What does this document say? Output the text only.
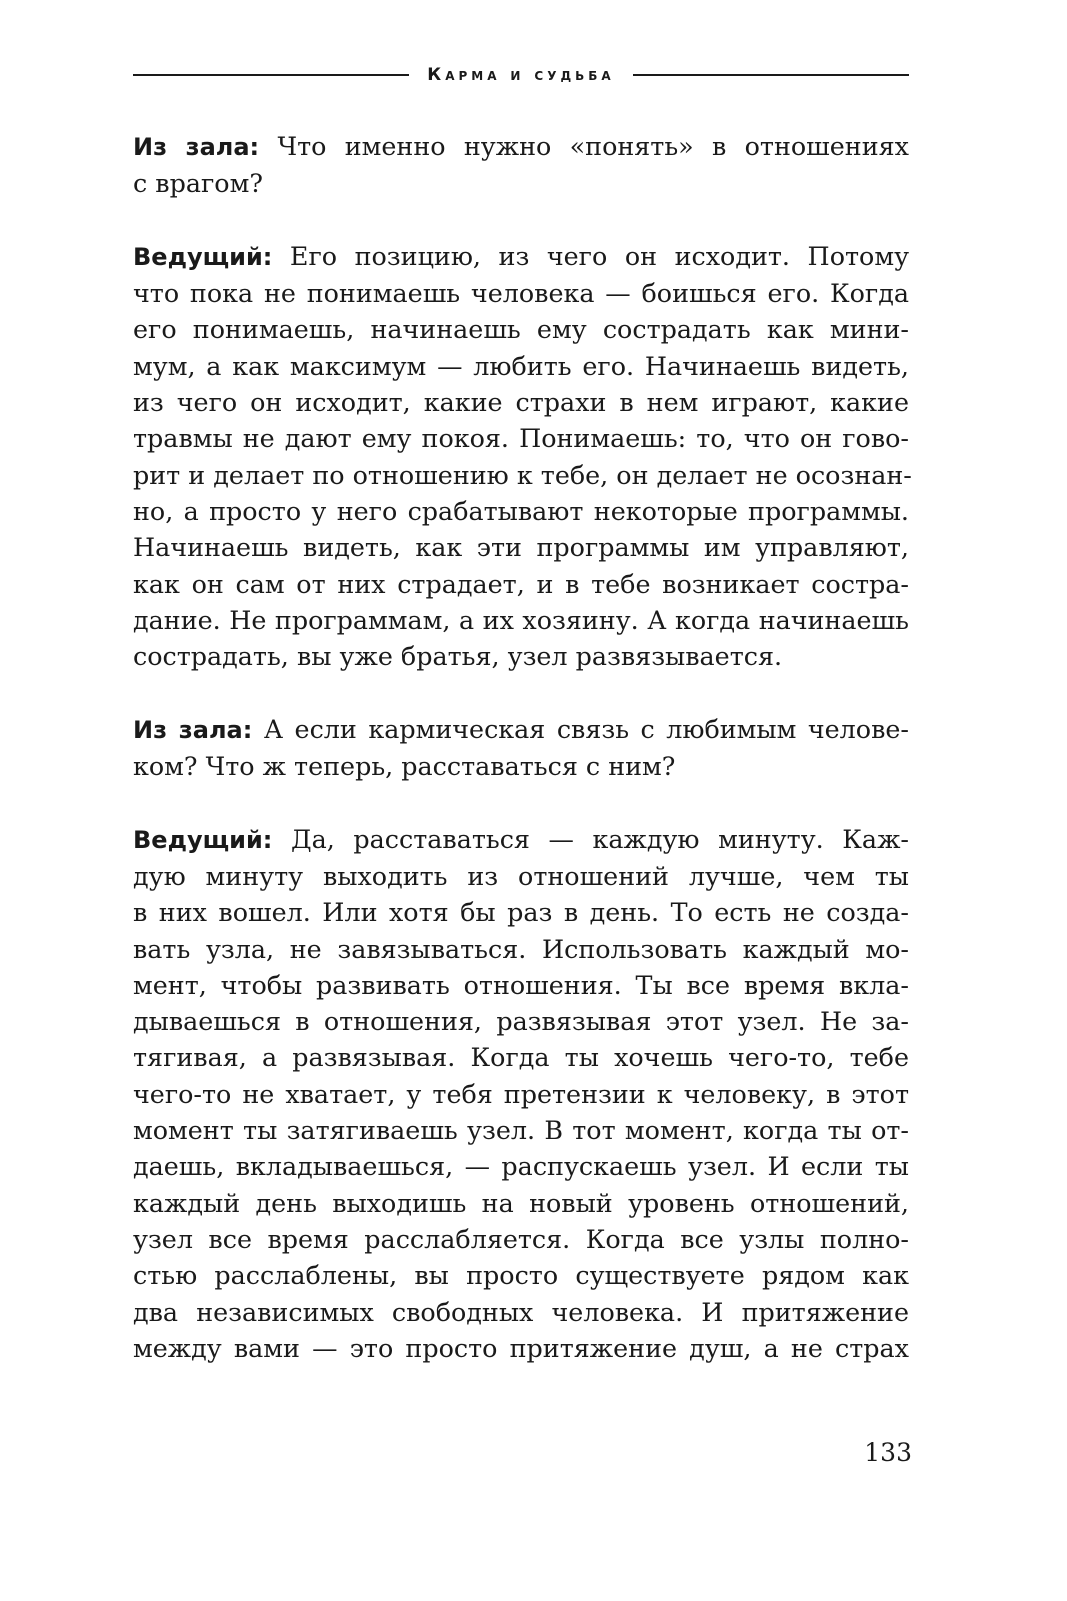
Карма и судьба
Из зала: Что именно нужно «понять» в отношениях
с врагом?
Ведущий: Его позицию, из чего он исходит. Потому
что пока не понимаешь человека — боишься его. Когда
его понимаешь, начинаешь ему сострадать как мини-
мум, а как максимум — любить его. Начинаешь видеть,
из чего он исходит, какие страхи в нем играют, какие
травмы не дают ему покоя. Понимаешь: то, что он гово-
рит и делает по отношению к тебе, он делает не осознан-
но, а просто у него срабатывают некоторые программы.
Начинаешь видеть, как эти программы им управляют,
как он сам от них страдает, и в тебе возникает состра-
дание. Не программам, а их хозяину. А когда начинаешь
сострадать, вы уже братья, узел развязывается.
Из зала: А если кармическая связь с любимым челове-
ком? Что ж теперь, расставаться с ним?
Ведущий: Да, расставаться — каждую минуту. Каж-
дую минуту выходить из отношений лучше, чем ты
в них вошел. Или хотя бы раз в день. То есть не созда-
вать узла, не завязываться. Использовать каждый мо-
мент, чтобы развивать отношения. Ты все время вкла-
дываешься в отношения, развязывая этот узел. Не за-
тягивая, а развязывая. Когда ты хочешь чего-то, тебе
чего-то не хватает, у тебя претензии к человеку, в этот
момент ты затягиваешь узел. В тот момент, когда ты от-
даешь, вкладываешься, — распускаешь узел. И если ты
каждый день выходишь на новый уровень отношений,
узел все время расслабляется. Когда все узлы полно-
стью расслаблены, вы просто существуете рядом как
два независимых свободных человека. И притяжение
между вами — это просто притяжение душ, а не страх
133
